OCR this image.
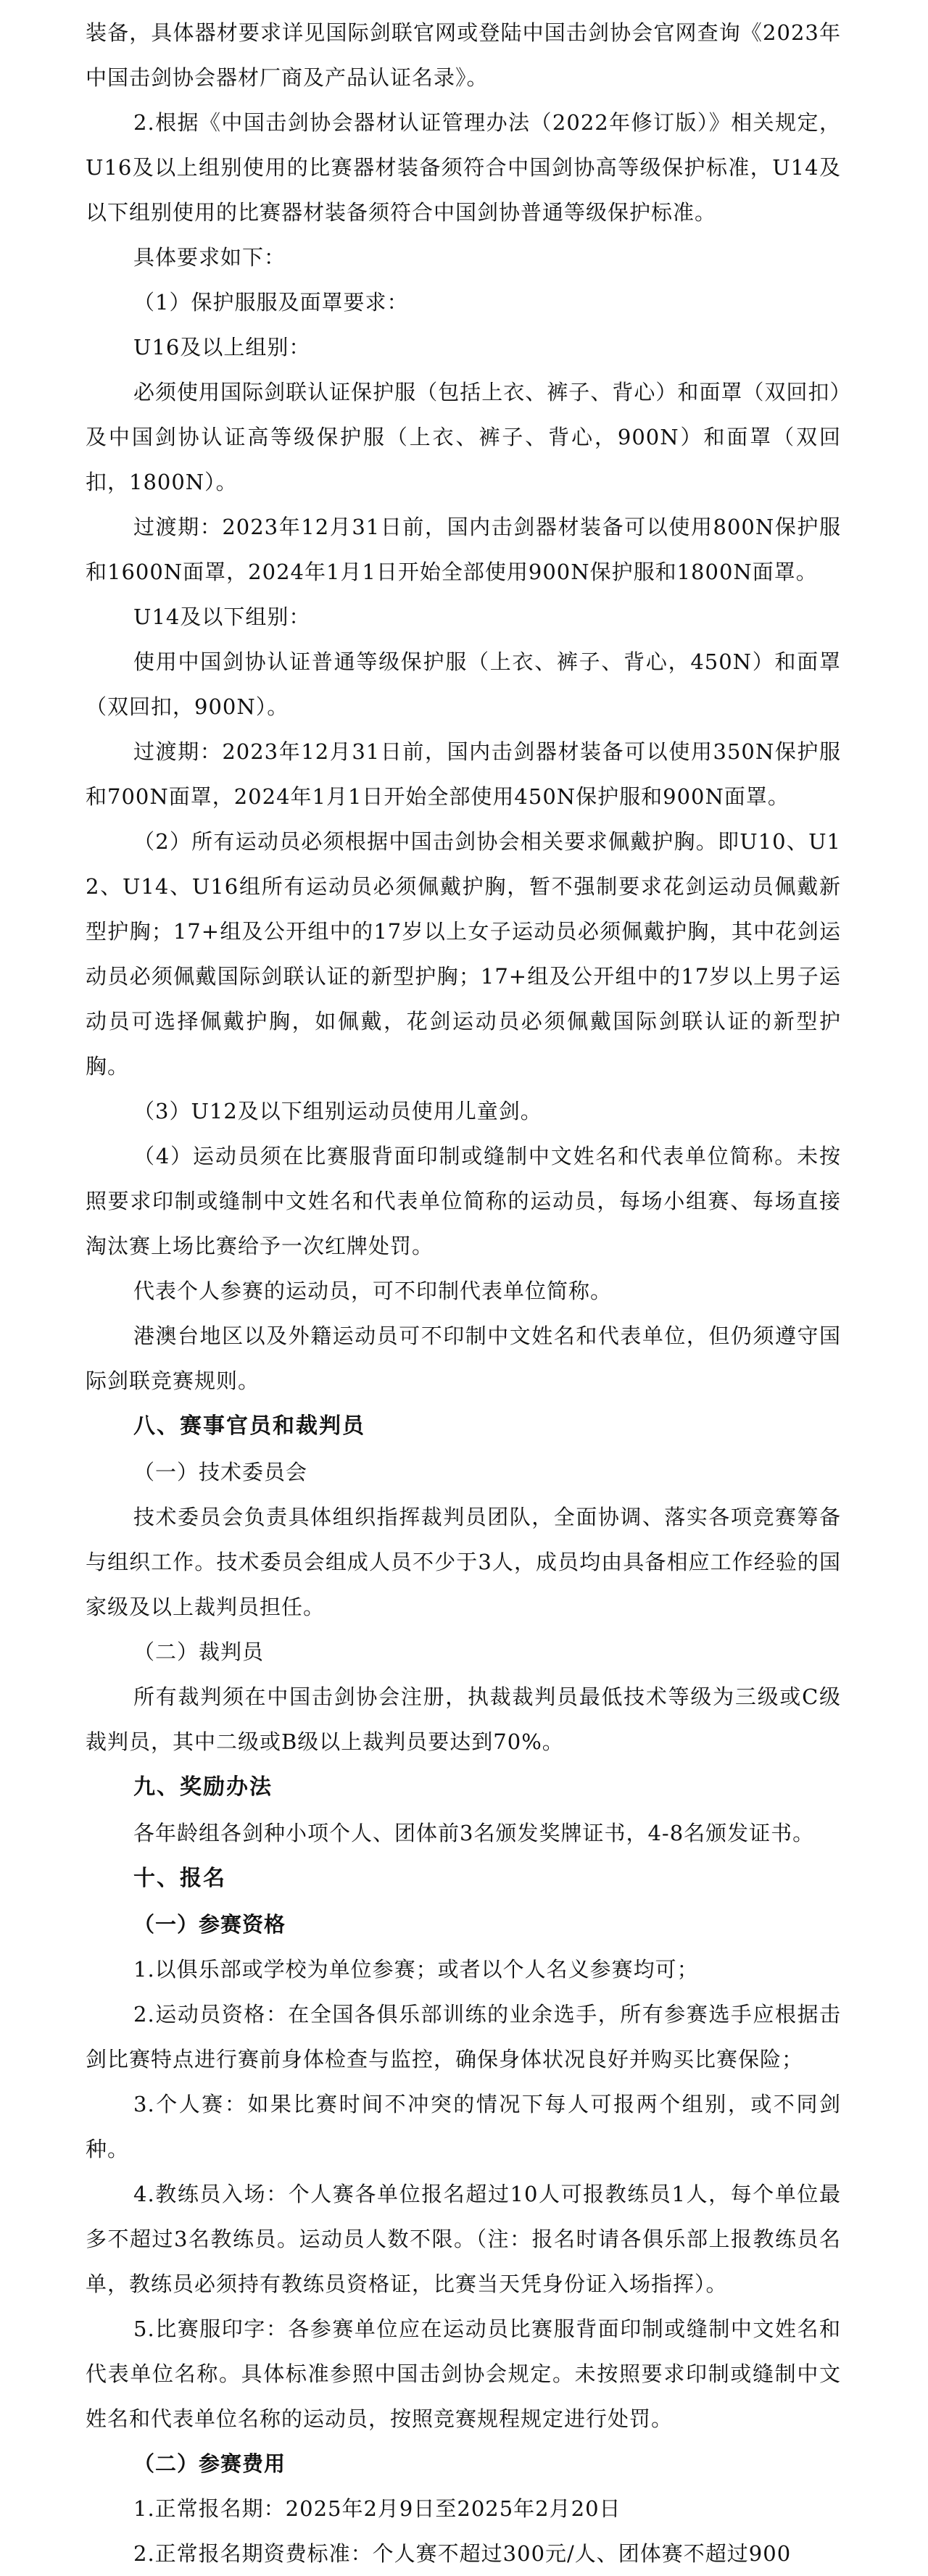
装备，具体器材要求详见国际剑联官网或登陆中国击剑协会官网查询《2023年中国击剑协会器材厂商及产品认证名录》。

2.根据《中国击剑协会器材认证管理办法（2022年修订版）》相关规定，U16及以上组别使用的比赛器材装备须符合中国剑协高等级保护标准，U14及以下组别使用的比赛器材装备须符合中国剑协普通等级保护标准。

具体要求如下：

（1）保护服服及面罩要求：

U16及以上组别：

必须使用国际剑联认证保护服（包括上衣、裤子、背心）和面罩（双回扣）及中国剑协认证高等级保护服（上衣、裤子、背心，900N）和面罩（双回扣，1800N）。

过渡期：2023年12月31日前，国内击剑器材装备可以使用800N保护服和1600N面罩，2024年1月1日开始全部使用900N保护服和1800N面罩。

U14及以下组别：

使用中国剑协认证普通等级保护服（上衣、裤子、背心，450N）和面罩（双回扣，900N）。

过渡期：2023年12月31日前，国内击剑器材装备可以使用350N保护服和700N面罩，2024年1月1日开始全部使用450N保护服和900N面罩。

（2）所有运动员必须根据中国击剑协会相关要求佩戴护胸。即U10、U12、U14、U16组所有运动员必须佩戴护胸，暂不强制要求花剑运动员佩戴新型护胸；17+组及公开组中的17岁以上女子运动员必须佩戴护胸，其中花剑运动员必须佩戴国际剑联认证的新型护胸；17+组及公开组中的17岁以上男子运动员可选择佩戴护胸，如佩戴，花剑运动员必须佩戴国际剑联认证的新型护胸。

（3）U12及以下组别运动员使用儿童剑。

（4）运动员须在比赛服背面印制或缝制中文姓名和代表单位简称。未按照要求印制或缝制中文姓名和代表单位简称的运动员，每场小组赛、每场直接淘汰赛上场比赛给予一次红牌处罚。

代表个人参赛的运动员，可不印制代表单位简称。

港澳台地区以及外籍运动员可不印制中文姓名和代表单位，但仍须遵守国际剑联竞赛规则。

八、赛事官员和裁判员

（一）技术委员会

技术委员会负责具体组织指挥裁判员团队，全面协调、落实各项竞赛筹备与组织工作。技术委员会组成人员不少于3人，成员均由具备相应工作经验的国家级及以上裁判员担任。

（二）裁判员

所有裁判须在中国击剑协会注册，执裁裁判员最低技术等级为三级或C级裁判员，其中二级或B级以上裁判员要达到70%。

九、奖励办法

各年龄组各剑种小项个人、团体前3名颁发奖牌证书，4-8名颁发证书。

十、报名

（一）参赛资格

1.以俱乐部或学校为单位参赛；或者以个人名义参赛均可；

2.运动员资格：在全国各俱乐部训练的业余选手，所有参赛选手应根据击剑比赛特点进行赛前身体检查与监控，确保身体状况良好并购买比赛保险；

3.个人赛：如果比赛时间不冲突的情况下每人可报两个组别，或不同剑种。

4.教练员入场：个人赛各单位报名超过10人可报教练员1人，每个单位最多不超过3名教练员。运动员人数不限。（注：报名时请各俱乐部上报教练员名单，教练员必须持有教练员资格证，比赛当天凭身份证入场指挥）。

5.比赛服印字：各参赛单位应在运动员比赛服背面印制或缝制中文姓名和代表单位名称。具体标准参照中国击剑协会规定。未按照要求印制或缝制中文姓名和代表单位名称的运动员，按照竞赛规程规定进行处罚。

（二）参赛费用

1.正常报名期：2025年2月9日至2025年2月20日

2.正常报名期资费标准：个人赛不超过300元/人、团体赛不超过900
